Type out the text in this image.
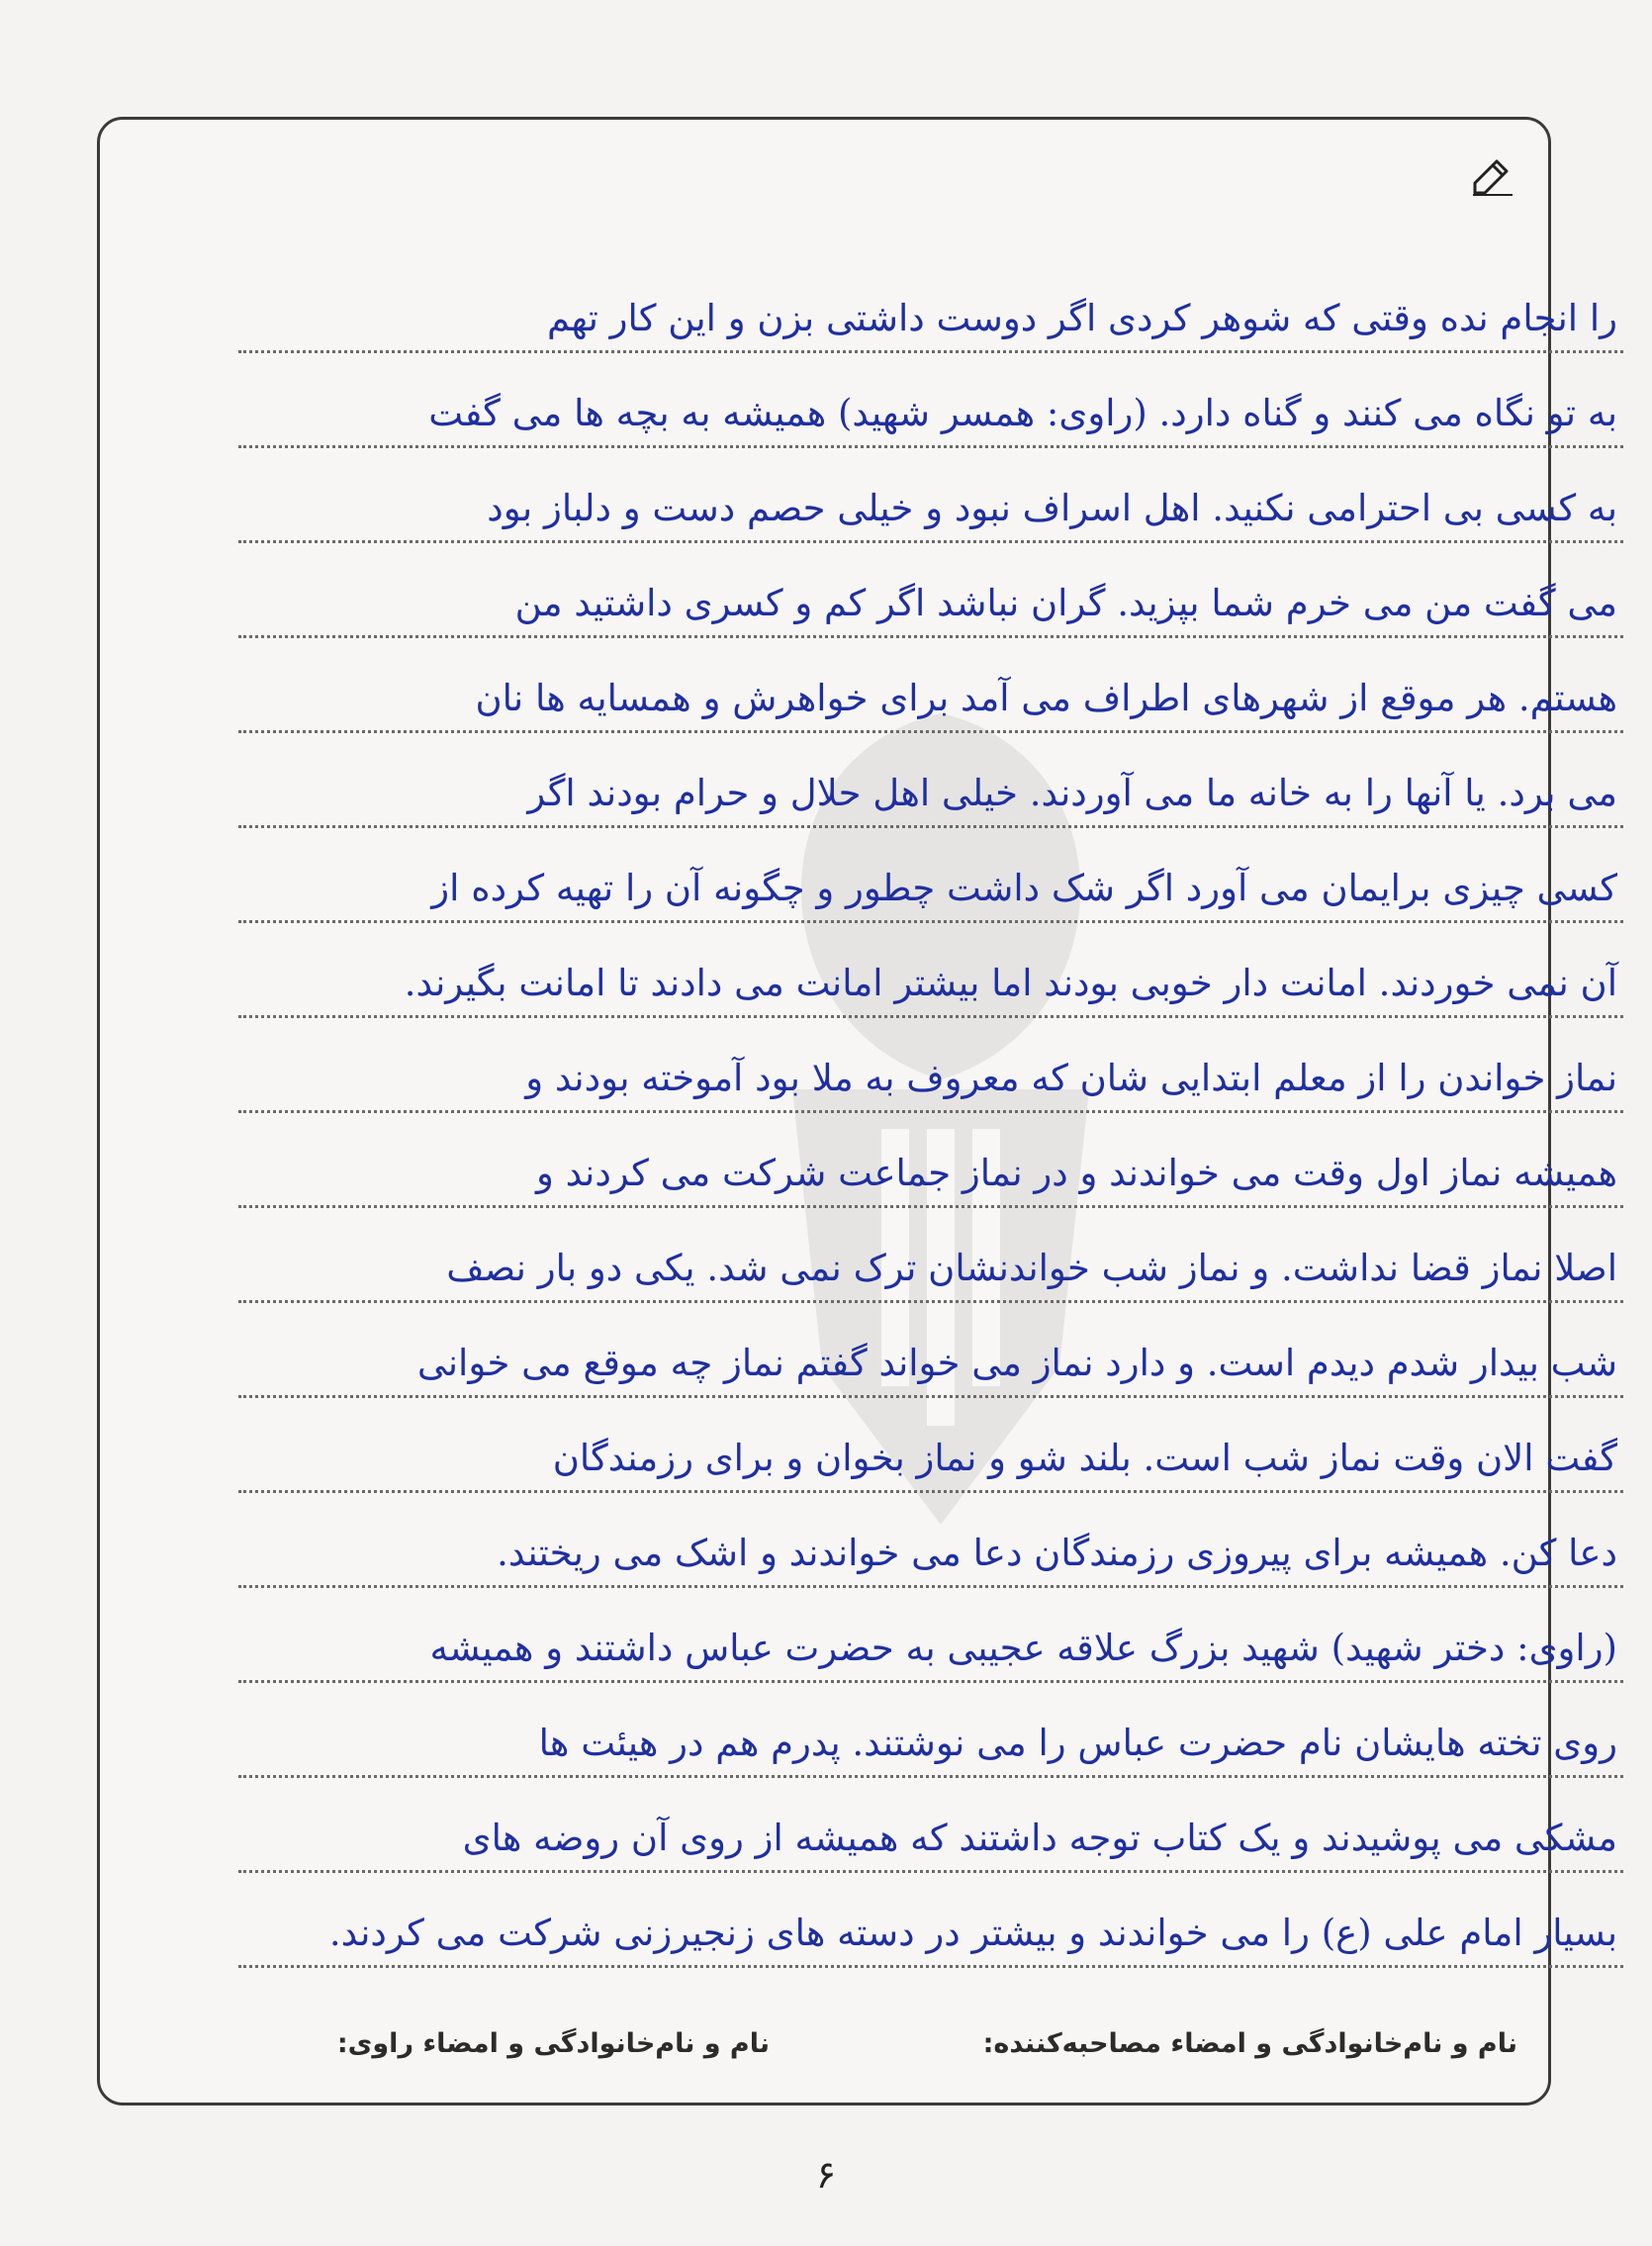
را انجام نده وقتی که شوهر کردی اگر دوست داشتی بزن و این کار تهم
به تو نگاه می کنند و گناه دارد. (راوی: همسر شهید) همیشه به بچه ها می گفت
به کسی بی احترامی نکنید. اهل اسراف نبود و خیلی حصم دست و دلباز بود
می گفت من می خرم شما بپزید. گران نباشد اگر کم و کسری داشتید من
هستم. هر موقع از شهرهای اطراف می آمد برای خواهرش و همسایه ها نان
می برد. یا آنها را به خانه ما می آوردند. خیلی اهل حلال و حرام بودند اگر
کسی چیزی برایمان می آورد اگر شک داشت چطور و چگونه آن را تهیه کرده از
آن نمی خوردند. امانت دار خوبی بودند اما بیشتر امانت می دادند تا امانت بگیرند.
نماز خواندن را از معلم ابتدایی شان که معروف به ملا بود آموخته بودند و
همیشه نماز اول وقت می خواندند و در نماز جماعت شرکت می کردند و
اصلا نماز قضا نداشت. و نماز شب خواندنشان ترک نمی شد. یکی دو بار نصف
شب بیدار شدم دیدم است. و دارد نماز می خواند گفتم نماز چه موقع می خوانی
گفت الان وقت نماز شب است. بلند شو و نماز بخوان و برای رزمندگان
دعا کن. همیشه برای پیروزی رزمندگان دعا می خواندند و اشک می ریختند.
(راوی: دختر شهید) شهید بزرگ علاقه عجیبی به حضرت عباس داشتند و همیشه
روی تخته هایشان نام حضرت عباس را می نوشتند. پدرم هم در هیئت ها
مشکی می پوشیدند و یک کتاب توجه داشتند که همیشه از روی آن روضه های
بسیار امام علی (ع) را می خواندند و بیشتر در دسته های زنجیرزنی شرکت می کردند.
نام و نام‌خانوادگی و امضاء مصاحبه‌کننده:
نام و نام‌خانوادگی و امضاء راوی:
۶
